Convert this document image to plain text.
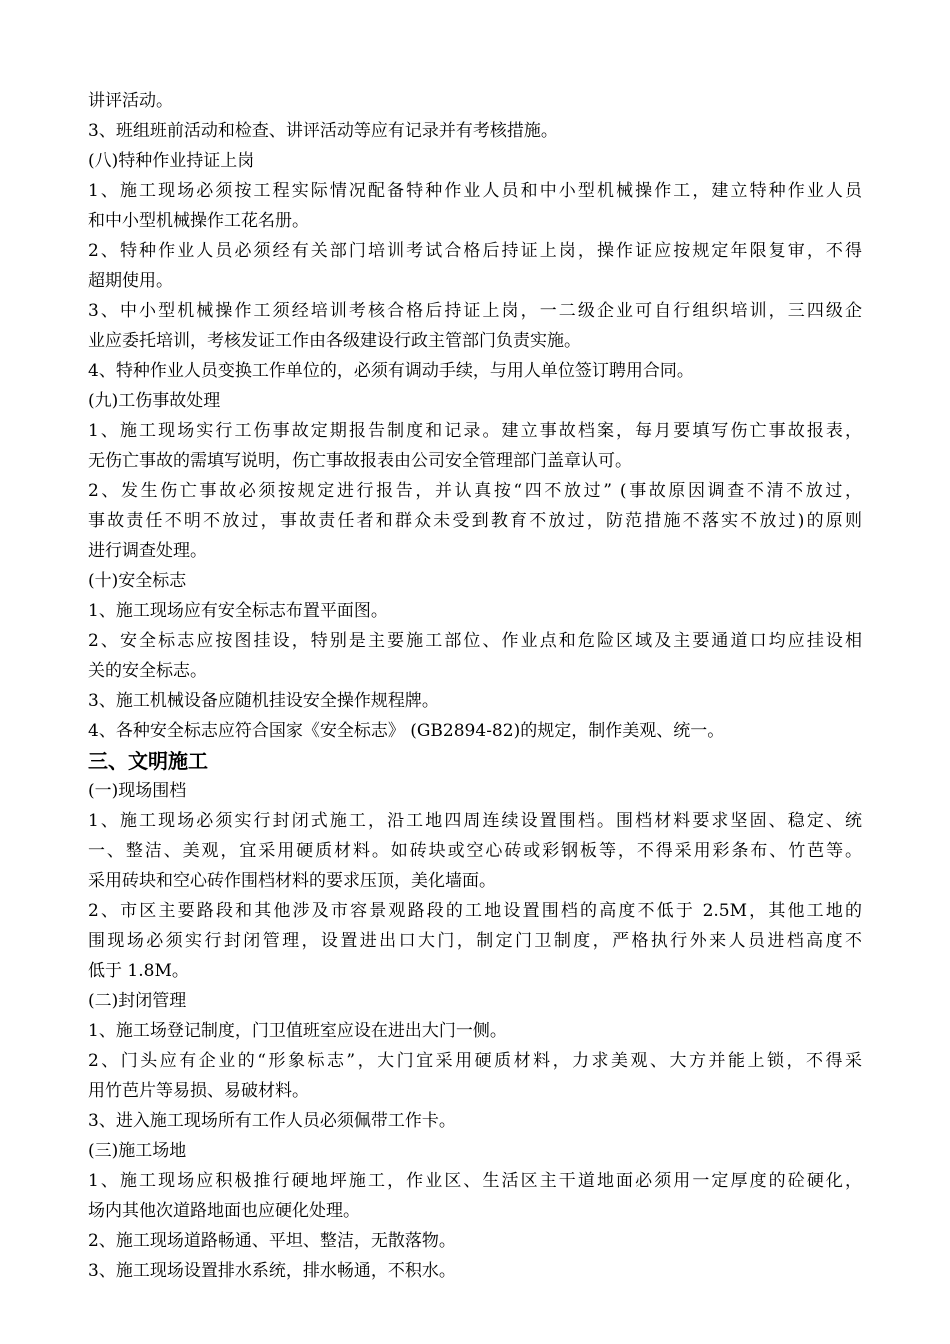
讲评活动。
3、班组班前活动和检查、讲评活动等应有记录并有考核措施。
(八)特种作业持证上岗
1、施工现场必须按工程实际情况配备特种作业人员和中小型机械操作工，建立特种作业人员
和中小型机械操作工花名册。
2、特种作业人员必须经有关部门培训考试合格后持证上岗，操作证应按规定年限复审，不得
超期使用。
3、中小型机械操作工须经培训考核合格后持证上岗，一二级企业可自行组织培训，三四级企
业应委托培训，考核发证工作由各级建设行政主管部门负责实施。
4、特种作业人员变换工作单位的，必须有调动手续，与用人单位签订聘用合同。
(九)工伤事故处理
1、施工现场实行工伤事故定期报告制度和记录。建立事故档案，每月要填写伤亡事故报表，
无伤亡事故的需填写说明，伤亡事故报表由公司安全管理部门盖章认可。
2、发生伤亡事故必须按规定进行报告，并认真按“四不放过” (事故原因调查不清不放过，
事故责任不明不放过，事故责任者和群众未受到教育不放过，防范措施不落实不放过)的原则
进行调查处理。
(十)安全标志
1、施工现场应有安全标志布置平面图。
2、安全标志应按图挂设，特别是主要施工部位、作业点和危险区域及主要通道口均应挂设相
关的安全标志。
3、施工机械设备应随机挂设安全操作规程牌。
4、各种安全标志应符合国家《安全标志》 (GB2894-82)的规定，制作美观、统一。
三、文明施工
(一)现场围档
1、施工现场必须实行封闭式施工，沿工地四周连续设置围档。围档材料要求坚固、稳定、统
一、整洁、美观，宜采用硬质材料。如砖块或空心砖或彩钢板等，不得采用彩条布、竹芭等。
采用砖块和空心砖作围档材料的要求压顶，美化墙面。
2、市区主要路段和其他涉及市容景观路段的工地设置围档的高度不低于 2.5M，其他工地的
围现场必须实行封闭管理，设置进出口大门，制定门卫制度，严格执行外来人员进档高度不
低于 1.8M。
(二)封闭管理
1、施工场登记制度，门卫值班室应设在进出大门一侧。
2、门头应有企业的“形象标志”，大门宜采用硬质材料，力求美观、大方并能上锁，不得采
用竹芭片等易损、易破材料。
3、进入施工现场所有工作人员必须佩带工作卡。
(三)施工场地
1、施工现场应积极推行硬地坪施工，作业区、生活区主干道地面必须用一定厚度的砼硬化，
场内其他次道路地面也应硬化处理。
2、施工现场道路畅通、平坦、整洁，无散落物。
3、施工现场设置排水系统，排水畅通，不积水。
